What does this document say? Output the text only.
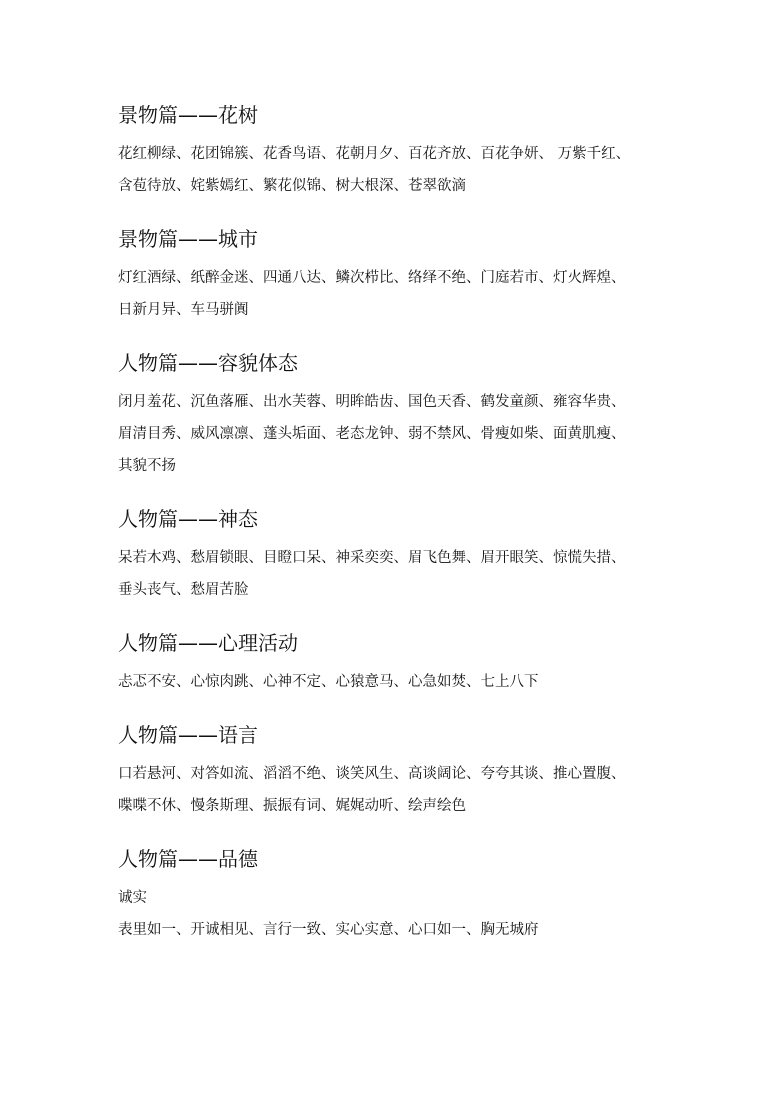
景物篇——花树
花红柳绿、花团锦簇、花香鸟语、花朝月夕、百花齐放、百花争妍、 万紫千红、
含苞待放、姹紫嫣红、繁花似锦、树大根深、苍翠欲滴
景物篇——城市
灯红酒绿、纸醉金迷、四通八达、鳞次栉比、络绎不绝、门庭若市、灯火辉煌、
日新月异、车马骈阗
人物篇——容貌体态
闭月羞花、沉鱼落雁、出水芙蓉、明眸皓齿、国色天香、鹤发童颜、雍容华贵、
眉清目秀、威风凛凛、蓬头垢面、老态龙钟、弱不禁风、骨瘦如柴、面黄肌瘦、
其貌不扬
人物篇——神态
呆若木鸡、愁眉锁眼、目瞪口呆、神采奕奕、眉飞色舞、眉开眼笑、惊慌失措、
垂头丧气、愁眉苦脸
人物篇——心理活动
忐忑不安、心惊肉跳、心神不定、心猿意马、心急如焚、七上八下
人物篇——语言
口若悬河、对答如流、滔滔不绝、谈笑风生、高谈阔论、夸夸其谈、推心置腹、
喋喋不休、慢条斯理、振振有词、娓娓动听、绘声绘色
人物篇——品德
诚实
表里如一、开诚相见、言行一致、实心实意、心口如一、胸无城府
